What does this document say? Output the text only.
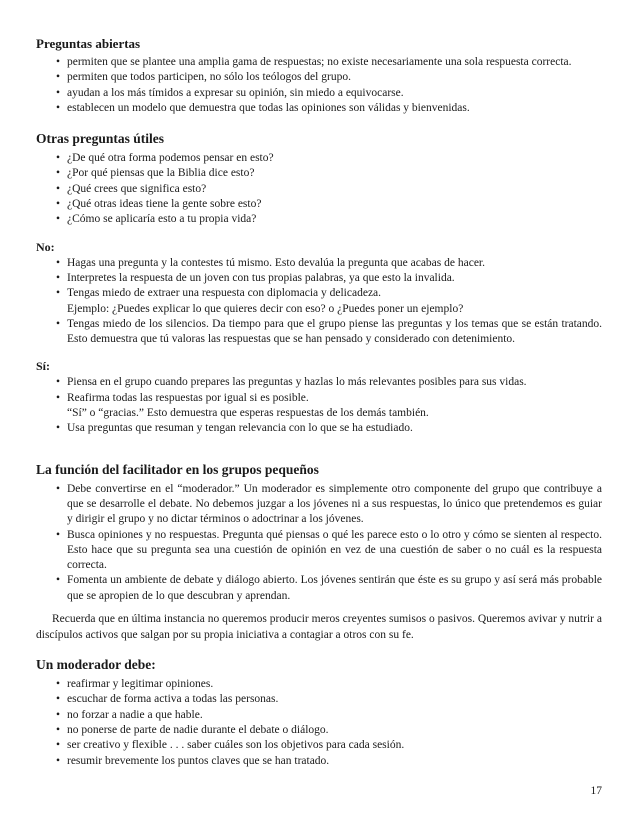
Preguntas abiertas
• permiten que se plantee una amplia gama de respuestas; no existe necesariamente una sola respuesta correcta.
• permiten que todos participen, no sólo los teólogos del grupo.
• ayudan a los más tímidos a expresar su opinión, sin miedo a equivocarse.
• establecen un modelo que demuestra que todas las opiniones son válidas y bienvenidas.
Otras preguntas útiles
• ¿De qué otra forma podemos pensar en esto?
• ¿Por qué piensas que la Biblia dice esto?
• ¿Qué crees que significa esto?
• ¿Qué otras ideas tiene la gente sobre esto?
• ¿Cómo se aplicaría esto a tu propia vida?
No:
• Hagas una pregunta y la contestes tú mismo. Esto devalúa la pregunta que acabas de hacer.
• Interpretes la respuesta de un joven con tus propias palabras, ya que esto la invalida.
• Tengas miedo de extraer una respuesta con diplomacia y delicadeza.
Ejemplo: ¿Puedes explicar lo que quieres decir con eso? o ¿Puedes poner un ejemplo?
• Tengas miedo de los silencios. Da tiempo para que el grupo piense las preguntas y los temas que se están tratando. Esto demuestra que tú valoras las respuestas que se han pensado y considerado con detenimiento.
Sí:
• Piensa en el grupo cuando prepares las preguntas y hazlas lo más relevantes posibles para sus vidas.
• Reafirma todas las respuestas por igual si es posible.
“Sí” o “gracias.” Esto demuestra que esperas respuestas de los demás también.
• Usa preguntas que resuman y tengan relevancia con lo que se ha estudiado.
La función del facilitador en los grupos pequeños
• Debe convertirse en el “moderador.” Un moderador es simplemente otro componente del grupo que contribuye a que se desarrolle el debate. No debemos juzgar a los jóvenes ni a sus respuestas, lo único que pretendemos es guiar y dirigir el grupo y no dictar términos o adoctrinar a los jóvenes.
• Busca opiniones y no respuestas. Pregunta qué piensas o qué les parece esto o lo otro y cómo se sienten al respecto. Esto hace que su pregunta sea una cuestión de opinión en vez de una cuestión de saber o no cuál es la respuesta correcta.
• Fomenta un ambiente de debate y diálogo abierto. Los jóvenes sentirán que éste es su grupo y así será más probable que se apropien de lo que descubran y aprendan.

Recuerda que en última instancia no queremos producir meros creyentes sumisos o pasivos. Queremos avivar y nutrir a discípulos activos que salgan por su propia iniciativa a contagiar a otros con su fe.

Un moderador debe:
• reafirmar y legitimar opiniones.
• escuchar de forma activa a todas las personas.
• no forzar a nadie a que hable.
• no ponerse de parte de nadie durante el debate o diálogo.
• ser creativo y flexible . . . saber cuáles son los objetivos para cada sesión.
• resumir brevemente los puntos claves que se han tratado.
17
